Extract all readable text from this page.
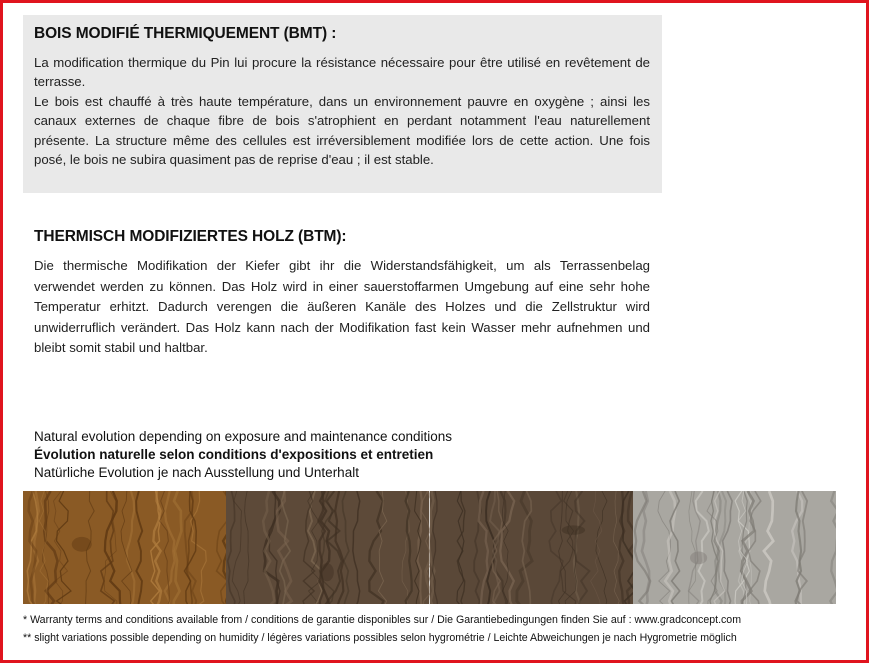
BOIS MODIFIÉ THERMIQUEMENT (BMT) :

La modification thermique du Pin lui procure la résistance nécessaire pour être utilisé en revêtement de terrasse.
Le bois est chauffé à très haute température, dans un environnement pauvre en oxygène ; ainsi les canaux externes de chaque fibre de bois s'atrophient en perdant notamment l'eau naturellement présente. La structure même des cellules est irréversiblement modifiée lors de cette action. Une fois posé, le bois ne subira quasiment pas de reprise d'eau ; il est stable.

THERMISCH MODIFIZIERTES HOLZ (BTM):

Die thermische Modifikation der Kiefer gibt ihr die Widerstandsfähigkeit, um als Terrassenbelag verwendet werden zu können. Das Holz wird in einer sauerstoffarmen Umgebung auf eine sehr hohe Temperatur erhitzt. Dadurch verengen die äußeren Kanäle des Holzes und die Zellstruktur wird unwiderruflich verändert. Das Holz kann nach der Modifikation fast kein Wasser mehr aufnehmen und bleibt somit stabil und haltbar.

Natural evolution depending on exposure and maintenance conditions
Évolution naturelle selon conditions d'expositions et entretien
Natürliche Evolution je nach Ausstellung und Unterhalt
* Warranty terms and conditions available from / conditions de garantie disponibles sur / Die Garantiebedingungen finden Sie auf : www.gradconcept.com
** slight variations possible depending on humidity / légères variations possibles selon hygrométrie / Leichte Abweichungen je nach Hygrometrie möglich
